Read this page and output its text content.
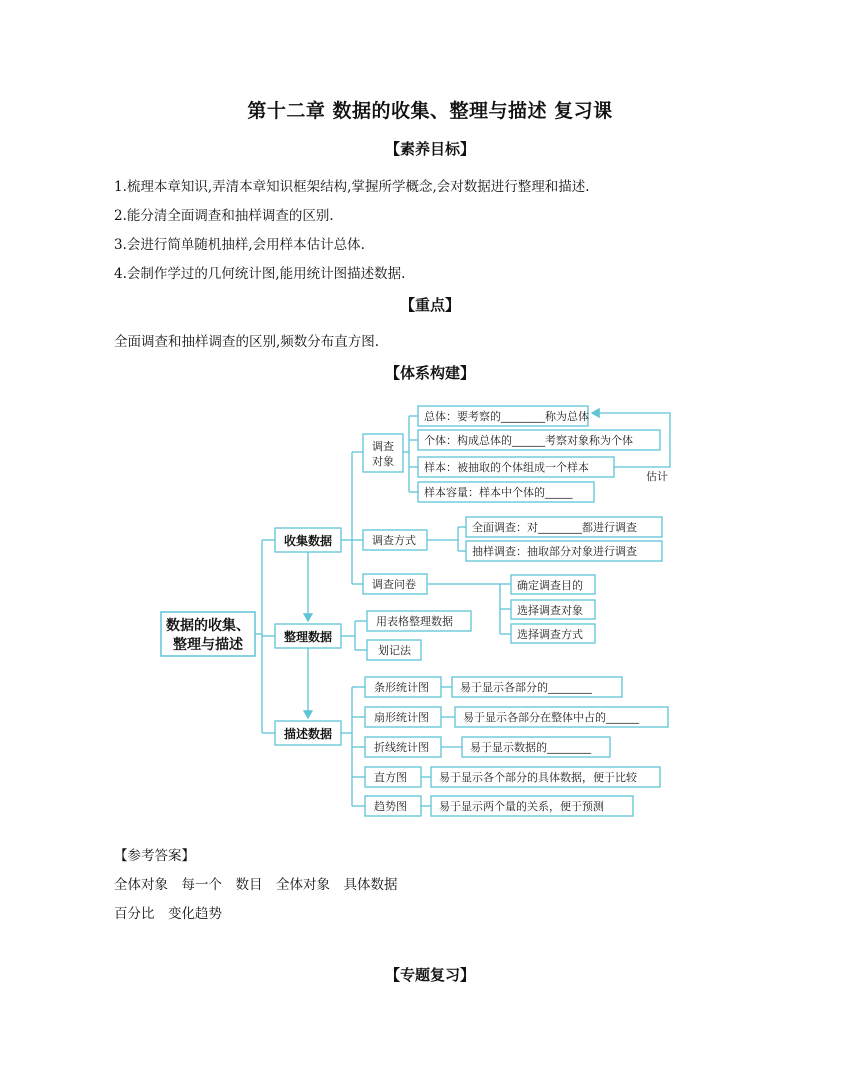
第十二章 数据的收集、整理与描述 复习课
【素养目标】
1.梳理本章知识,弄清本章知识框架结构,掌握所学概念,会对数据进行整理和描述.
2.能分清全面调查和抽样调查的区别.
3.会进行简单随机抽样,会用样本估计总体.
4.会制作学过的几何统计图,能用统计图描述数据.
【重点】
全面调查和抽样调查的区别,频数分布直方图.
【体系构建】
数据的收集、
整理与描述
收集数据
整理数据
描述数据
调查
对象
总体：要考察的________称为总体
个体：构成总体的______考察对象称为个体
样本：被抽取的个体组成一个样本
样本容量：样本中个体的_____
估计
调查方式
全面调查：对________都进行调查
抽样调查：抽取部分对象进行调查
调查问卷	确定调查目的
选择调查对象
选择调查方式
用表格整理数据
划记法
条形统计图	易于显示各部分的________
扇形统计图	易于显示各部分在整体中占的______
折线统计图	易于显示数据的________
直方图	易于显示各个部分的具体数据，便于比较
趋势图	易于显示两个量的关系，便于预测
【参考答案】
全体对象　每一个　数目　全体对象　具体数据
百分比　变化趋势
【专题复习】
